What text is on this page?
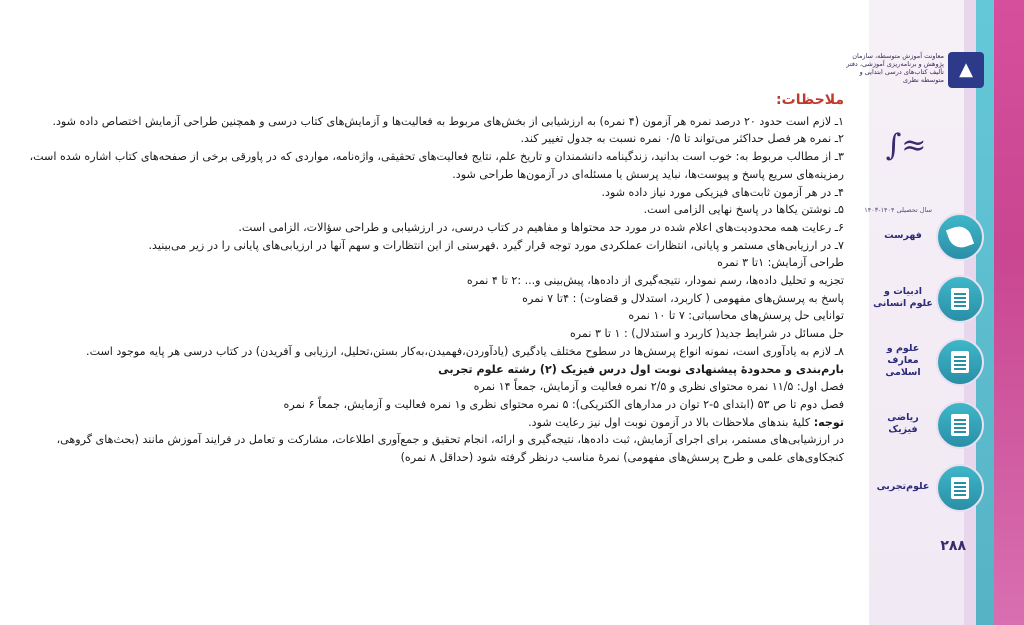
ملاحظات:

۱ـ لازم است حدود ۲۰ درصد نمره هر آزمون (۴ نمره) به ارزشیابی از بخش‌های مربوط به فعالیت‌ها و آزمایش‌های کتاب درسی و همچنین طراحی آزمایش اختصاص داده شود.

۲ـ نمره هر فصل حداکثر می‌تواند تا ۰/۵ نمره نسبت به جدول تغییر کند.

۳ـ از مطالب مربوط به: خوب است بدانید، زندگینامه دانشمندان و تاریخ علم، نتایج فعالیت‌های تحقیقی، واژه‌نامه، مواردی که در پاورقی برخی از صفحه‌های کتاب اشاره شده است، رمزینه‌های سریع پاسخ و پیوست‌ها، نباید پرسش یا مسئله‌ای در آزمون‌ها طراحی شود.

۴ـ در هر آزمون ثابت‌های فیزیکی مورد نیاز داده شود.

۵ـ نوشتن یکاها در پاسخ نهایی الزامی است.

۶ـ رعایت همه محدودیت‌های اعلام شده در مورد حد محتواها و مفاهیم در کتاب درسی، در ارزشیابی و طراحی سؤالات، الزامی است.

۷ـ در ارزیابی‌های مستمر و پایانی، انتظارات عملکردی مورد توجه قرار گیرد .فهرستی از این انتظارات و سهم آنها در ارزیابی‌های پایانی را در زیر می‌بینید.

طراحی آزمایش: ۱تا ۳ نمره

تجزیه و تحلیل داده‌ها، رسم نمودار، نتیجه‌گیری از داده‌ها، پیش‌بینی و... :۲ تا ۴ نمره

پاسخ به پرسش‌های مفهومی ( کاربرد، استدلال و قضاوت) : ۴تا ۷ نمره

توانایی حل پرسش‌های محاسباتی: ۷ تا ۱۰ نمره

حل مسائل در شرایط جدید( کاربرد و استدلال) : ۱ تا ۳ نمره

۸ـ لازم به یادآوری است، نمونه انواع پرسش‌ها در سطوح مختلف یادگیری (یادآوردن،فهمیدن،به‌کار بستن،تحلیل، ارزیابی و آفریدن) در کتاب درسی هر پایه موجود است.

بارم‌بندی و محدودهٔ پیشنهادی نوبت اول درس فیزیک (۲) رشته علوم تجربی

فصل اول: ۱۱/۵ نمره محتوای نظری و ۲/۵ نمره فعالیت و آزمایش، جمعاً ۱۴ نمره

فصل دوم تا ص ۵۳ (ابتدای ۵-۲ توان در مدارهای الکتریکی): ۵ نمره محتوای نظری و۱ نمره فعالیت و آزمایش، جمعاً ۶ نمره

توجه: کلیهٔ بندهای ملاحظات بالا در آزمون نوبت اول نیز رعایت شود.

در ارزشیابی‌های مستمر، برای اجرای آزمایش، ثبت داده‌ها، نتیجه‌گیری و ارائه، انجام تحقیق و جمع‌آوری اطلاعات، مشارکت و تعامل در فرایند آموزش مانند (بحث‌های گروهی، کنجکاوی‌های علمی و طرح پرسش‌های مفهومی) نمرهٔ مناسب درنظر گرفته شود (حداقل ۸ نمره)

▲
معاونت آموزش متوسطه، سازمان پژوهش و برنامه‌ریزی آموزشی، دفتر تألیف کتاب‌های درسی ابتدایی و متوسطه نظری
∫≈
سال تحصیلی ۱۴۰۴-۱۴۰۳
فهرست
ادبیات و علوم انسانی
علوم و معارف اسلامی
ریاضی فیزیک
علوم‌تجربی
۲۸۸
